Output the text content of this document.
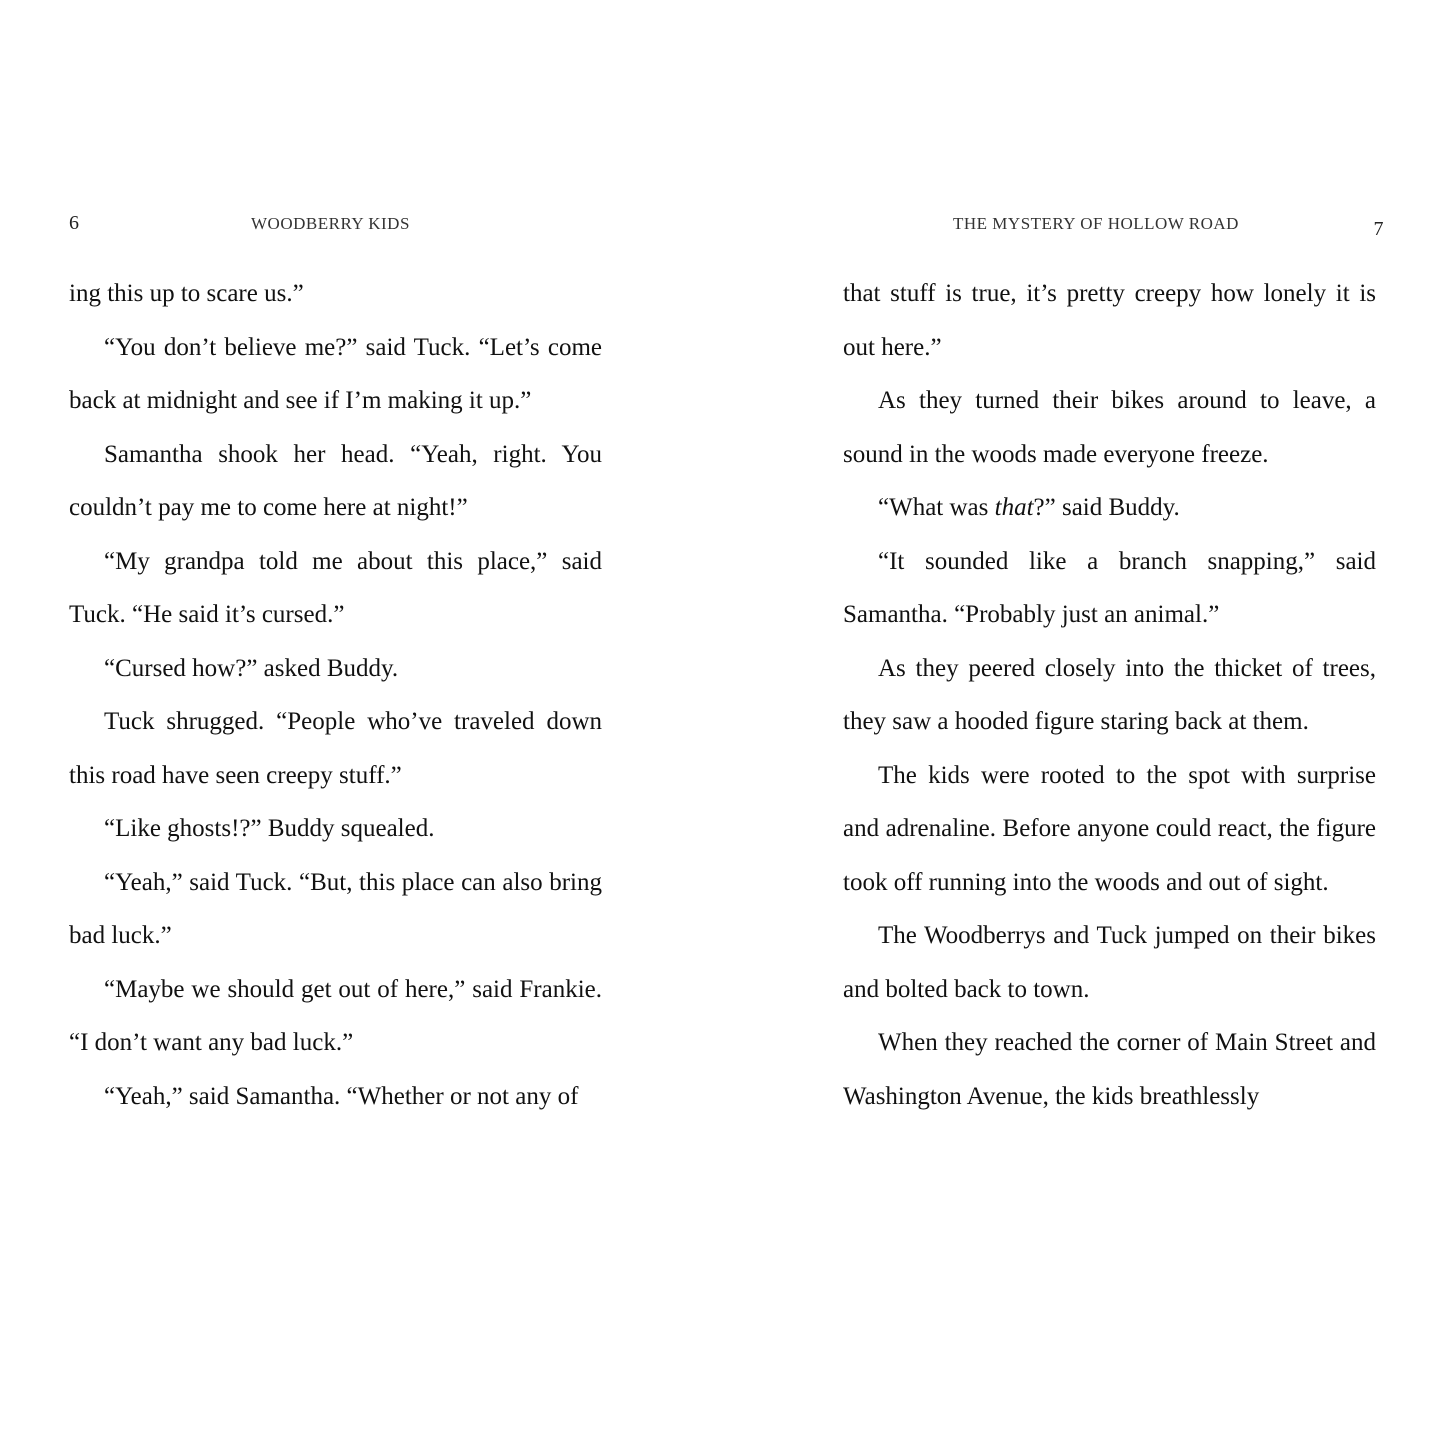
6	WOODBERRY KIDS

ing this up to scare us.”

“You don’t believe me?” said Tuck. “Let’s come back at midnight and see if I’m making it up.”

Samantha shook her head. “Yeah, right. You couldn’t pay me to come here at night!”

“My grandpa told me about this place,” said Tuck. “He said it’s cursed.”

“Cursed how?” asked Buddy.

Tuck shrugged. “People who’ve traveled down this road have seen creepy stuff.”

“Like ghosts!?” Buddy squealed.

“Yeah,” said Tuck. “But, this place can also bring bad luck.”

“Maybe we should get out of here,” said Frankie. “I don’t want any bad luck.”

“Yeah,” said Samantha. “Whether or not any of

THE MYSTERY OF HOLLOW ROAD	7

that stuff is true, it’s pretty creepy how lonely it is out here.”

As they turned their bikes around to leave, a sound in the woods made everyone freeze.

“What was that?” said Buddy.

“It sounded like a branch snapping,” said Samantha. “Probably just an animal.”

As they peered closely into the thicket of trees, they saw a hooded figure staring back at them.

The kids were rooted to the spot with surprise and adrenaline. Before anyone could react, the figure took off running into the woods and out of sight.

The Woodberrys and Tuck jumped on their bikes and bolted back to town.

When they reached the corner of Main Street and Washington Avenue, the kids breathlessly
